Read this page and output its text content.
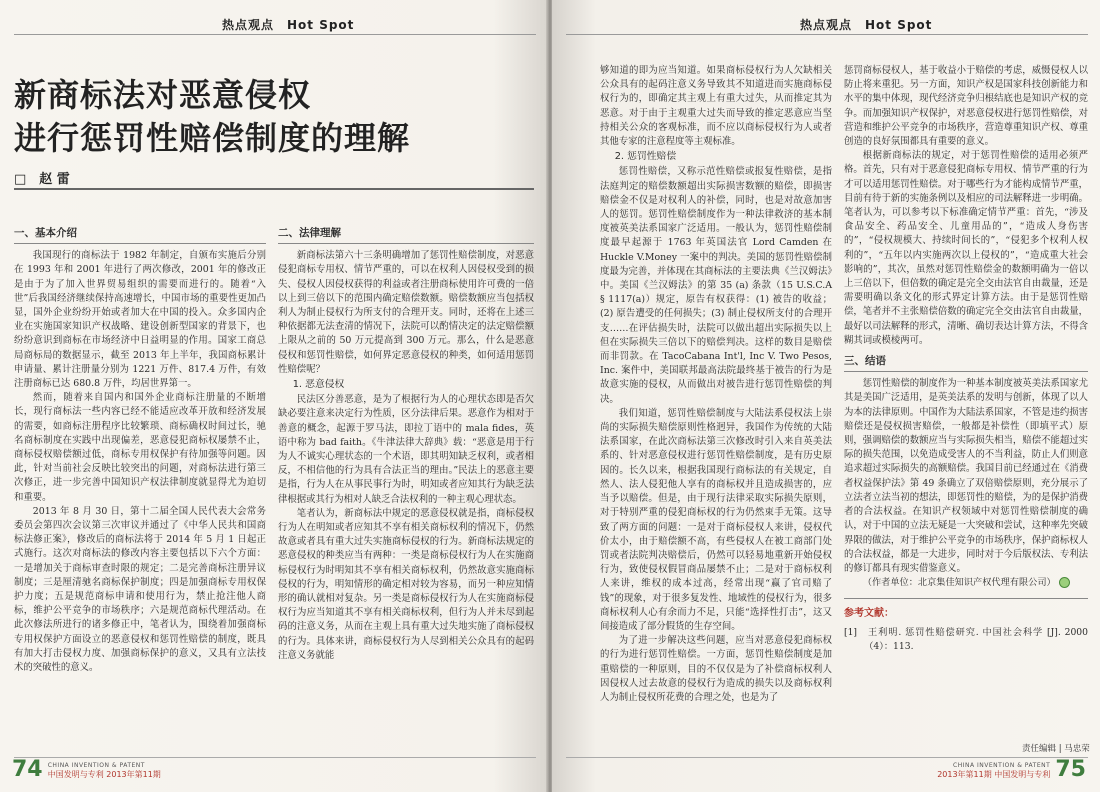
热点观点　Hot Spot
新商标法对恶意侵权
进行惩罚性赔偿制度的理解
□　赵 雷
一、基本介绍

我国现行的商标法于 1982 年制定，自颁布实施后分别在 1993 年和 2001 年进行了两次修改，2001 年的修改正是由于为了加入世界贸易组织的需要而进行的。随着“入世”后我国经济继续保持高速增长，中国市场的重要性更加凸显，国外企业纷纷开始或者加大在中国的投入。众多国内企业在实施国家知识产权战略、建设创新型国家的背景下，也纷纷意识到商标在市场经济中日益明显的作用。国家工商总局商标局的数据显示，截至 2013 年上半年，我国商标累计申请量、累计注册量分别为 1221 万件、817.4 万件，有效注册商标已达 680.8 万件，均居世界第一。

然而，随着来自国内和国外企业商标注册量的不断增长，现行商标法一些内容已经不能适应改革开放和经济发展的需要，如商标注册程序比较繁琐、商标确权时间过长，驰名商标制度在实践中出现偏差，恶意侵犯商标权屡禁不止，商标侵权赔偿额过低，商标专用权保护有待加强等问题。因此，针对当前社会反映比较突出的问题，对商标法进行第三次修正，进一步完善中国知识产权法律制度就显得尤为迫切和重要。

2013 年 8 月 30 日，第十二届全国人民代表大会常务委员会第四次会议第三次审议并通过了《中华人民共和国商标法修正案》，修改后的商标法将于 2014 年 5 月 1 日起正式施行。这次对商标法的修改内容主要包括以下六个方面：一是增加关于商标审查时限的规定；二是完善商标注册异议制度；三是厘清驰名商标保护制度；四是加强商标专用权保护力度；五是规范商标申请和使用行为，禁止抢注他人商标，维护公平竞争的市场秩序；六是规范商标代理活动。在此次修法所进行的诸多修正中，笔者认为，围绕着加强商标专用权保护方面设立的恶意侵权和惩罚性赔偿的制度，既具有加大打击侵权力度、加强商标保护的意义，又具有立法技术的突破性的意义。

二、法律理解

新商标法第六十三条明确增加了惩罚性赔偿制度，对恶意侵犯商标专用权、情节严重的，可以在权利人因侵权受到的损失、侵权人因侵权获得的利益或者注册商标使用许可费的一倍以上到三倍以下的范围内确定赔偿数额。赔偿数额应当包括权利人为制止侵权行为所支付的合理开支。同时，还将在上述三种依据都无法查清的情况下，法院可以酌情决定的法定赔偿额上限从之前的 50 万元提高到 300 万元。那么，什么是恶意侵权和惩罚性赔偿，如何界定恶意侵权的种类，如何适用惩罚性赔偿呢？

1. 恶意侵权

民法区分善恶意，是为了根据行为人的心理状态即是否欠缺必要注意来决定行为性质，区分法律后果。恶意作为相对于善意的概念，起源于罗马法，即拉丁语中的 mala fides，英语中称为 bad faith。《牛津法律大辞典》载：“恶意是用于行为人不诚实心理状态的一个术语，即其明知缺乏权利，或者相反，不相信他的行为具有合法正当的理由。”民法上的恶意主要是指，行为人在从事民事行为时，明知或者应知其行为缺乏法律根据或其行为相对人缺乏合法权利的一种主观心理状态。

笔者认为，新商标法中规定的恶意侵权就是指，商标侵权行为人在明知或者应知其不享有相关商标权利的情况下，仍然故意或者具有重大过失实施商标侵权的行为。新商标法规定的恶意侵权的种类应当有两种：一类是商标侵权行为人在实施商标侵权行为时明知其不享有相关商标权利，仍然故意实施商标侵权的行为，明知情形的确定相对较为容易，而另一种应知情形的确认就相对复杂。另一类是商标侵权行为人在实施商标侵权行为应当知道其不享有相关商标权利，但行为人并未尽到起码的注意义务，从而在主观上具有重大过失地实施了商标侵权的行为。具体来讲，商标侵权行为人尽到相关公众具有的起码注意义务就能

74 CHINA INVENTION & PATENT
中国发明与专利 2013年第11期
热点观点　Hot Spot

够知道的即为应当知道。如果商标侵权行为人欠缺相关公众具有的起码注意义务导致其不知道进而实施商标侵权行为的，即确定其主观上有重大过失，从而推定其为恶意。对于由于主观重大过失而导致的推定恶意应当坚持相关公众的客观标准，而不应以商标侵权行为人或者其他专家的注意程度等主观标准。

2. 惩罚性赔偿

惩罚性赔偿，又称示范性赔偿或报复性赔偿，是指法庭判定的赔偿数额超出实际损害数额的赔偿，即损害赔偿金不仅是对权利人的补偿，同时，也是对故意加害人的惩罚。惩罚性赔偿制度作为一种法律救济的基本制度被英美法系国家广泛适用。一般认为，惩罚性赔偿制度最早起源于 1763 年英国法官 Lord Camden 在 Huckle V.Money 一案中的判决。美国的惩罚性赔偿制度最为完善，并体现在其商标法的主要法典《兰汉姆法》中。美国《兰汉姆法》的第 35 (a) 条款（15 U.S.C.A § 1117(a)）规定，原告有权获得：(1) 被告的收益；(2) 原告遭受的任何损失；(3) 制止侵权所支付的合理开支……在评估损失时，法院可以做出超出实际损失以上但在实际损失三倍以下的赔偿判决。这样的数目是赔偿而非罚款。在 TacoCabana Int'l, Inc V. Two Pesos, Inc. 案件中，美国联邦最高法院最终基于被告的行为是故意实施的侵权，从而做出对被告进行惩罚性赔偿的判决。

我们知道，惩罚性赔偿制度与大陆法系侵权法上崇尚的实际损失赔偿原则性格迥异，我国作为传统的大陆法系国家，在此次商标法第三次修改时引入来自英美法系的、针对恶意侵权进行惩罚性赔偿制度，是有历史原因的。长久以来，根据我国现行商标法的有关规定，自然人、法人侵犯他人享有的商标权并且造成损害的，应当予以赔偿。但是，由于现行法律采取实际损失原则，对于特别严重的侵犯商标权的行为仍然束手无策。这导致了两方面的问题：一是对于商标侵权人来讲，侵权代价太小，由于赔偿额不高，有些侵权人在被工商部门处罚或者法院判决赔偿后，仍然可以轻易地重新开始侵权行为，致使侵权假冒商品屡禁不止；二是对于商标权利人来讲，维权的成本过高，经常出现“赢了官司赔了钱”的现象，对于很多复发性、地域性的侵权行为，很多商标权利人心有余而力不足，只能“选择性打击”，这又间接造成了部分假货的生存空间。

为了进一步解决这些问题，应当对恶意侵犯商标权的行为进行惩罚性赔偿。一方面，惩罚性赔偿制度是加重赔偿的一种原则，目的不仅仅是为了补偿商标权利人因侵权人过去故意的侵权行为造成的损失以及商标权利人为制止侵权所花费的合理之处，也是为了

惩罚商标侵权人，基于收益小于赔偿的考虑，威慑侵权人以防止将来重犯。另一方面，知识产权是国家科技创新能力和水平的集中体现，现代经济竞争归根结底也是知识产权的竞争。而加强知识产权保护，对恶意侵权进行惩罚性赔偿，对营造和维护公平竞争的市场秩序，营造尊重知识产权、尊重创造的良好氛围都具有重要的意义。

根据新商标法的规定，对于惩罚性赔偿的适用必须严格。首先，只有对于恶意侵犯商标专用权、情节严重的行为才可以适用惩罚性赔偿。对于哪些行为才能构成情节严重，目前有待于新的实施条例以及相应的司法解释进一步明确。笔者认为，可以参考以下标准确定情节严重：首先，“涉及食品安全、药品安全、儿童用品的”，“造成人身伤害的”，“侵权规模大、持续时间长的”，“侵犯多个权利人权利的”，“五年以内实施两次以上侵权的”，“造成重大社会影响的”，其次，虽然对惩罚性赔偿金的数额明确为一倍以上三倍以下，但倍数的确定是完全交由法官自由裁量，还是需要明确以条文化的形式界定计算方法。由于是惩罚性赔偿，笔者并不主张赔偿倍数的确定完全交由法官自由裁量，最好以司法解释的形式，清晰、确切表达计算方法，不得含糊其词或模棱两可。

三、结语

惩罚性赔偿的制度作为一种基本制度被英美法系国家尤其是美国广泛适用，是英美法系的发明与创新，体现了以人为本的法律原则。中国作为大陆法系国家，不管是违约损害赔偿还是侵权损害赔偿，一般都是补偿性（即填平式）原则，强调赔偿的数额应当与实际损失相当，赔偿不能超过实际的损失范围，以免造成受害人的不当利益，防止人们则意追求超过实际损失的高额赔偿。我国目前已经通过在《消费者权益保护法》第 49 条确立了双倍赔偿原则，充分展示了立法者立法当初的想法，即惩罚性的赔偿，为的是保护消费者的合法权益。在知识产权领域中对惩罚性赔偿制度的确认，对于中国的立法无疑是一大突破和尝试，这种率先突破界限的做法，对于维护公平竞争的市场秩序，保护商标权人的合法权益，都是一大进步，同时对于今后版权法、专利法的修订都具有现实借鉴意义。

（作者单位：北京集佳知识产权代理有限公司）

参考文献：
[1]　王利明. 惩罚性赔偿研究. 中国社会科学 [J]. 2000（4）：113.
责任编辑 | 马忠荣
CHINA INVENTION & PATENT
2013年第11期 中国发明与专利 75
